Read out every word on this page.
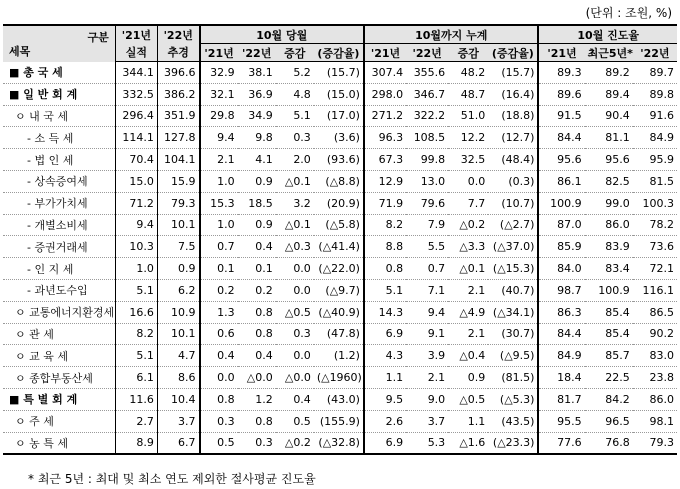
(단위 : 조원, %)
구분
세목	'21년	'22년	10월 당월				10월까지 누계				10월 진도율		
	실적	추경	'21년	'22년	증감	(증감율)	'21년	'22년	증감	(증감율)	'21년	최근5년*	'22년
■ 총 국 세	344.1	396.6	32.9	38.1	5.2	(15.7)	307.4	355.6	48.2	(15.7)	89.3	89.2	89.7
■ 일 반 회 계	332.5	386.2	32.1	36.9	4.8	(15.0)	298.0	346.7	48.7	(16.4)	89.6	89.4	89.8
ㅇ 내 국 세	296.4	351.9	29.8	34.9	5.1	(17.0)	271.2	322.2	51.0	(18.8)	91.5	90.4	91.6
- 소 득 세	114.1	127.8	9.4	9.8	0.3	(3.6)	96.3	108.5	12.2	(12.7)	84.4	81.1	84.9
- 법 인 세	70.4	104.1	2.1	4.1	2.0	(93.6)	67.3	99.8	32.5	(48.4)	95.6	95.6	95.9
- 상속증여세	15.0	15.9	1.0	0.9	△0.1	(△8.8)	12.9	13.0	0.0	(0.3)	86.1	82.5	81.5
- 부가가치세	71.2	79.3	15.3	18.5	3.2	(20.9)	71.9	79.6	7.7	(10.7)	100.9	99.0	100.3
- 개별소비세	9.4	10.1	1.0	0.9	△0.1	(△5.8)	8.2	7.9	△0.2	(△2.7)	87.0	86.0	78.2
- 증권거래세	10.3	7.5	0.7	0.4	△0.3	(△41.4)	8.8	5.5	△3.3	(△37.0)	85.9	83.9	73.6
- 인 지 세	1.0	0.9	0.1	0.1	0.0	(△22.0)	0.8	0.7	△0.1	(△15.3)	84.0	83.4	72.1
- 과년도수입	5.1	6.2	0.2	0.2	0.0	(△9.7)	5.1	7.1	2.1	(40.7)	98.7	100.9	116.1
ㅇ 교통에너지환경세	16.6	10.9	1.3	0.8	△0.5	(△40.9)	14.3	9.4	△4.9	(△34.1)	86.3	85.4	86.5
ㅇ 관 세	8.2	10.1	0.6	0.8	0.3	(47.8)	6.9	9.1	2.1	(30.7)	84.4	85.4	90.2
ㅇ 교 육 세	5.1	4.7	0.4	0.4	0.0	(1.2)	4.3	3.9	△0.4	(△9.5)	84.9	85.7	83.0
ㅇ 종합부동산세	6.1	8.6	0.0	△0.0	△0.0	(△1960)	1.1	2.1	0.9	(81.5)	18.4	22.5	23.8
■ 특 별 회 계	11.6	10.4	0.8	1.2	0.4	(43.0)	9.5	9.0	△0.5	(△5.3)	81.7	84.2	86.0
ㅇ 주 세	2.7	3.7	0.3	0.8	0.5	(155.9)	2.6	3.7	1.1	(43.5)	95.5	96.5	98.1
ㅇ 농 특 세	8.9	6.7	0.5	0.3	△0.2	(△32.8)	6.9	5.3	△1.6	(△23.3)	77.6	76.8	79.3
* 최근 5년 : 최대 및 최소 연도 제외한 절사평균 진도율
